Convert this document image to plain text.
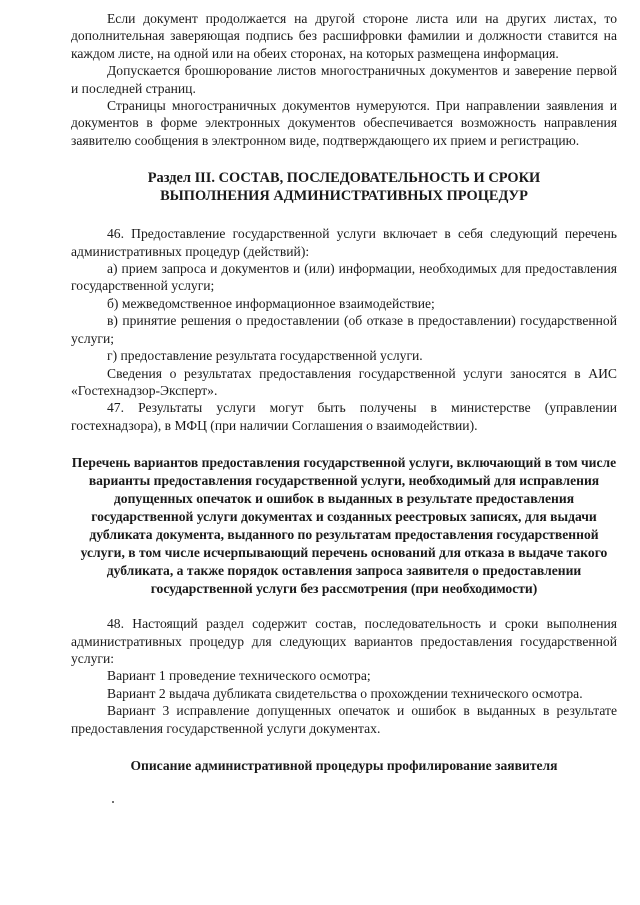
Если документ продолжается на другой стороне листа или на других листах, то дополнительная заверяющая подпись без расшифровки фамилии и должности ставится на каждом листе, на одной или на обеих сторонах, на которых размещена информация.

Допускается брошюрование листов многостраничных документов и заверение первой и последней страниц.

Страницы многостраничных документов нумеруются. При направлении заявления и документов в форме электронных документов обеспечивается возможность направления заявителю сообщения в электронном виде, подтверждающего их прием и регистрацию.

Раздел III. СОСТАВ, ПОСЛЕДОВАТЕЛЬНОСТЬ И СРОКИ

ВЫПОЛНЕНИЯ АДМИНИСТРАТИВНЫХ ПРОЦЕДУР

46. Предоставление государственной услуги включает в себя следующий перечень административных процедур (действий):

а) прием запроса и документов и (или) информации, необходимых для предоставления государственной услуги;

б) межведомственное информационное взаимодействие;

в) принятие решения о предоставлении (об отказе в предоставлении) государственной услуги;

г) предоставление результата государственной услуги.

Сведения о результатах предоставления государственной услуги заносятся в АИС «Гостехнадзор-Эксперт».

47. Результаты услуги могут быть получены в министерстве (управлении гостехнадзора), в МФЦ (при наличии Соглашения о взаимодействии).

Перечень вариантов предоставления государственной услуги, включающий в том числе варианты предоставления государственной услуги, необходимый для исправления допущенных опечаток и ошибок в выданных в результате предоставления государственной услуги документах и созданных реестровых записях, для выдачи дубликата документа, выданного по результатам предоставления государственной услуги, в том числе исчерпывающий перечень оснований для отказа в выдаче такого дубликата, а также порядок оставления запроса заявителя о предоставлении государственной услуги без рассмотрения (при необходимости)

48. Настоящий раздел содержит состав, последовательность и сроки выполнения административных процедур для следующих вариантов предоставления государственной услуги:

Вариант 1 проведение технического осмотра;

Вариант 2 выдача дубликата свидетельства о прохождении технического осмотра.

Вариант 3 исправление допущенных опечаток и ошибок в выданных в результате предоставления государственной услуги документах.

Описание административной процедуры профилирование заявителя
